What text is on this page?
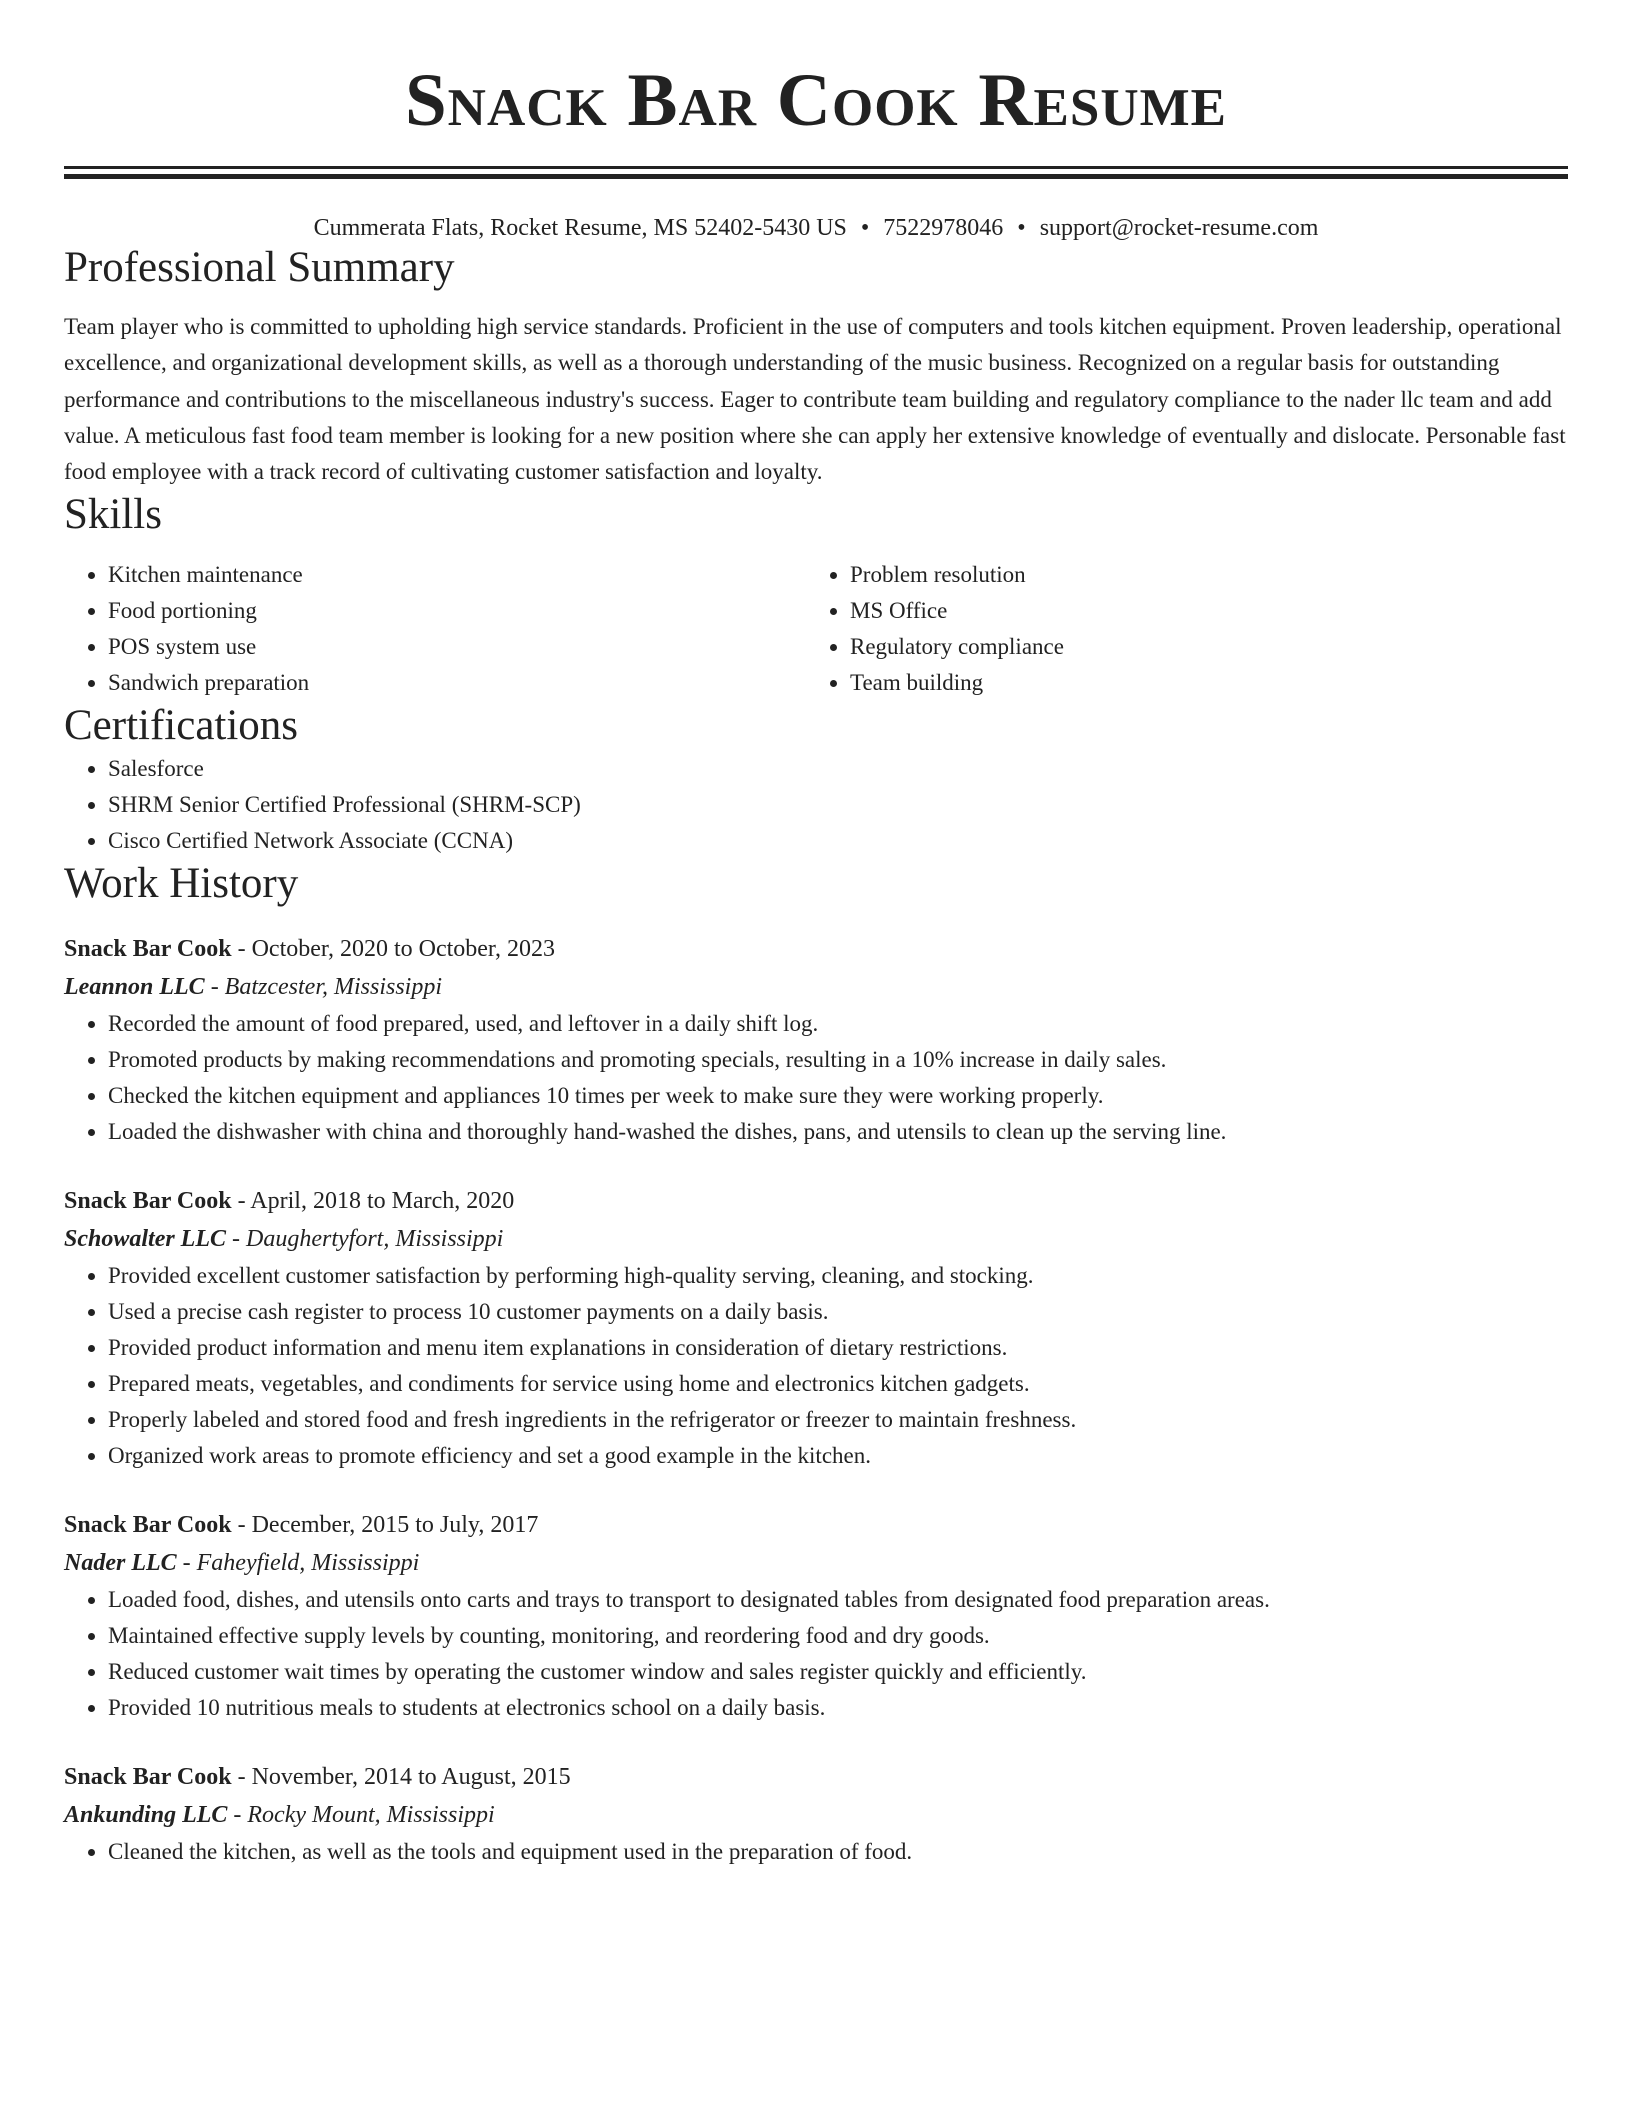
Snack Bar Cook Resume
Cummerata Flats, Rocket Resume, MS 52402-5430 US • 7522978046 • support@rocket-resume.com
Professional Summary

Team player who is committed to upholding high service standards. Proficient in the use of computers and tools kitchen equipment. Proven leadership, operational excellence, and organizational development skills, as well as a thorough understanding of the music business. Recognized on a regular basis for outstanding performance and contributions to the miscellaneous industry's success. Eager to contribute team building and regulatory compliance to the nader llc team and add value. A meticulous fast food team member is looking for a new position where she can apply her extensive knowledge of eventually and dislocate. Personable fast food employee with a track record of cultivating customer satisfaction and loyalty.

Skills
• Kitchen maintenance
• Food portioning
• POS system use
• Sandwich preparation
• Problem resolution
• MS Office
• Regulatory compliance
• Team building
Certifications
• Salesforce
• SHRM Senior Certified Professional (SHRM-SCP)
• Cisco Certified Network Associate (CCNA)
Work History
Snack Bar Cook - October, 2020 to October, 2023
Leannon LLC - Batzcester, Mississippi
• Recorded the amount of food prepared, used, and leftover in a daily shift log.
• Promoted products by making recommendations and promoting specials, resulting in a 10% increase in daily sales.
• Checked the kitchen equipment and appliances 10 times per week to make sure they were working properly.
• Loaded the dishwasher with china and thoroughly hand-washed the dishes, pans, and utensils to clean up the serving line.
Snack Bar Cook - April, 2018 to March, 2020
Schowalter LLC - Daughertyfort, Mississippi
• Provided excellent customer satisfaction by performing high-quality serving, cleaning, and stocking.
• Used a precise cash register to process 10 customer payments on a daily basis.
• Provided product information and menu item explanations in consideration of dietary restrictions.
• Prepared meats, vegetables, and condiments for service using home and electronics kitchen gadgets.
• Properly labeled and stored food and fresh ingredients in the refrigerator or freezer to maintain freshness.
• Organized work areas to promote efficiency and set a good example in the kitchen.
Snack Bar Cook - December, 2015 to July, 2017
Nader LLC - Faheyfield, Mississippi
• Loaded food, dishes, and utensils onto carts and trays to transport to designated tables from designated food preparation areas.
• Maintained effective supply levels by counting, monitoring, and reordering food and dry goods.
• Reduced customer wait times by operating the customer window and sales register quickly and efficiently.
• Provided 10 nutritious meals to students at electronics school on a daily basis.
Snack Bar Cook - November, 2014 to August, 2015
Ankunding LLC - Rocky Mount, Mississippi
• Cleaned the kitchen, as well as the tools and equipment used in the preparation of food.
